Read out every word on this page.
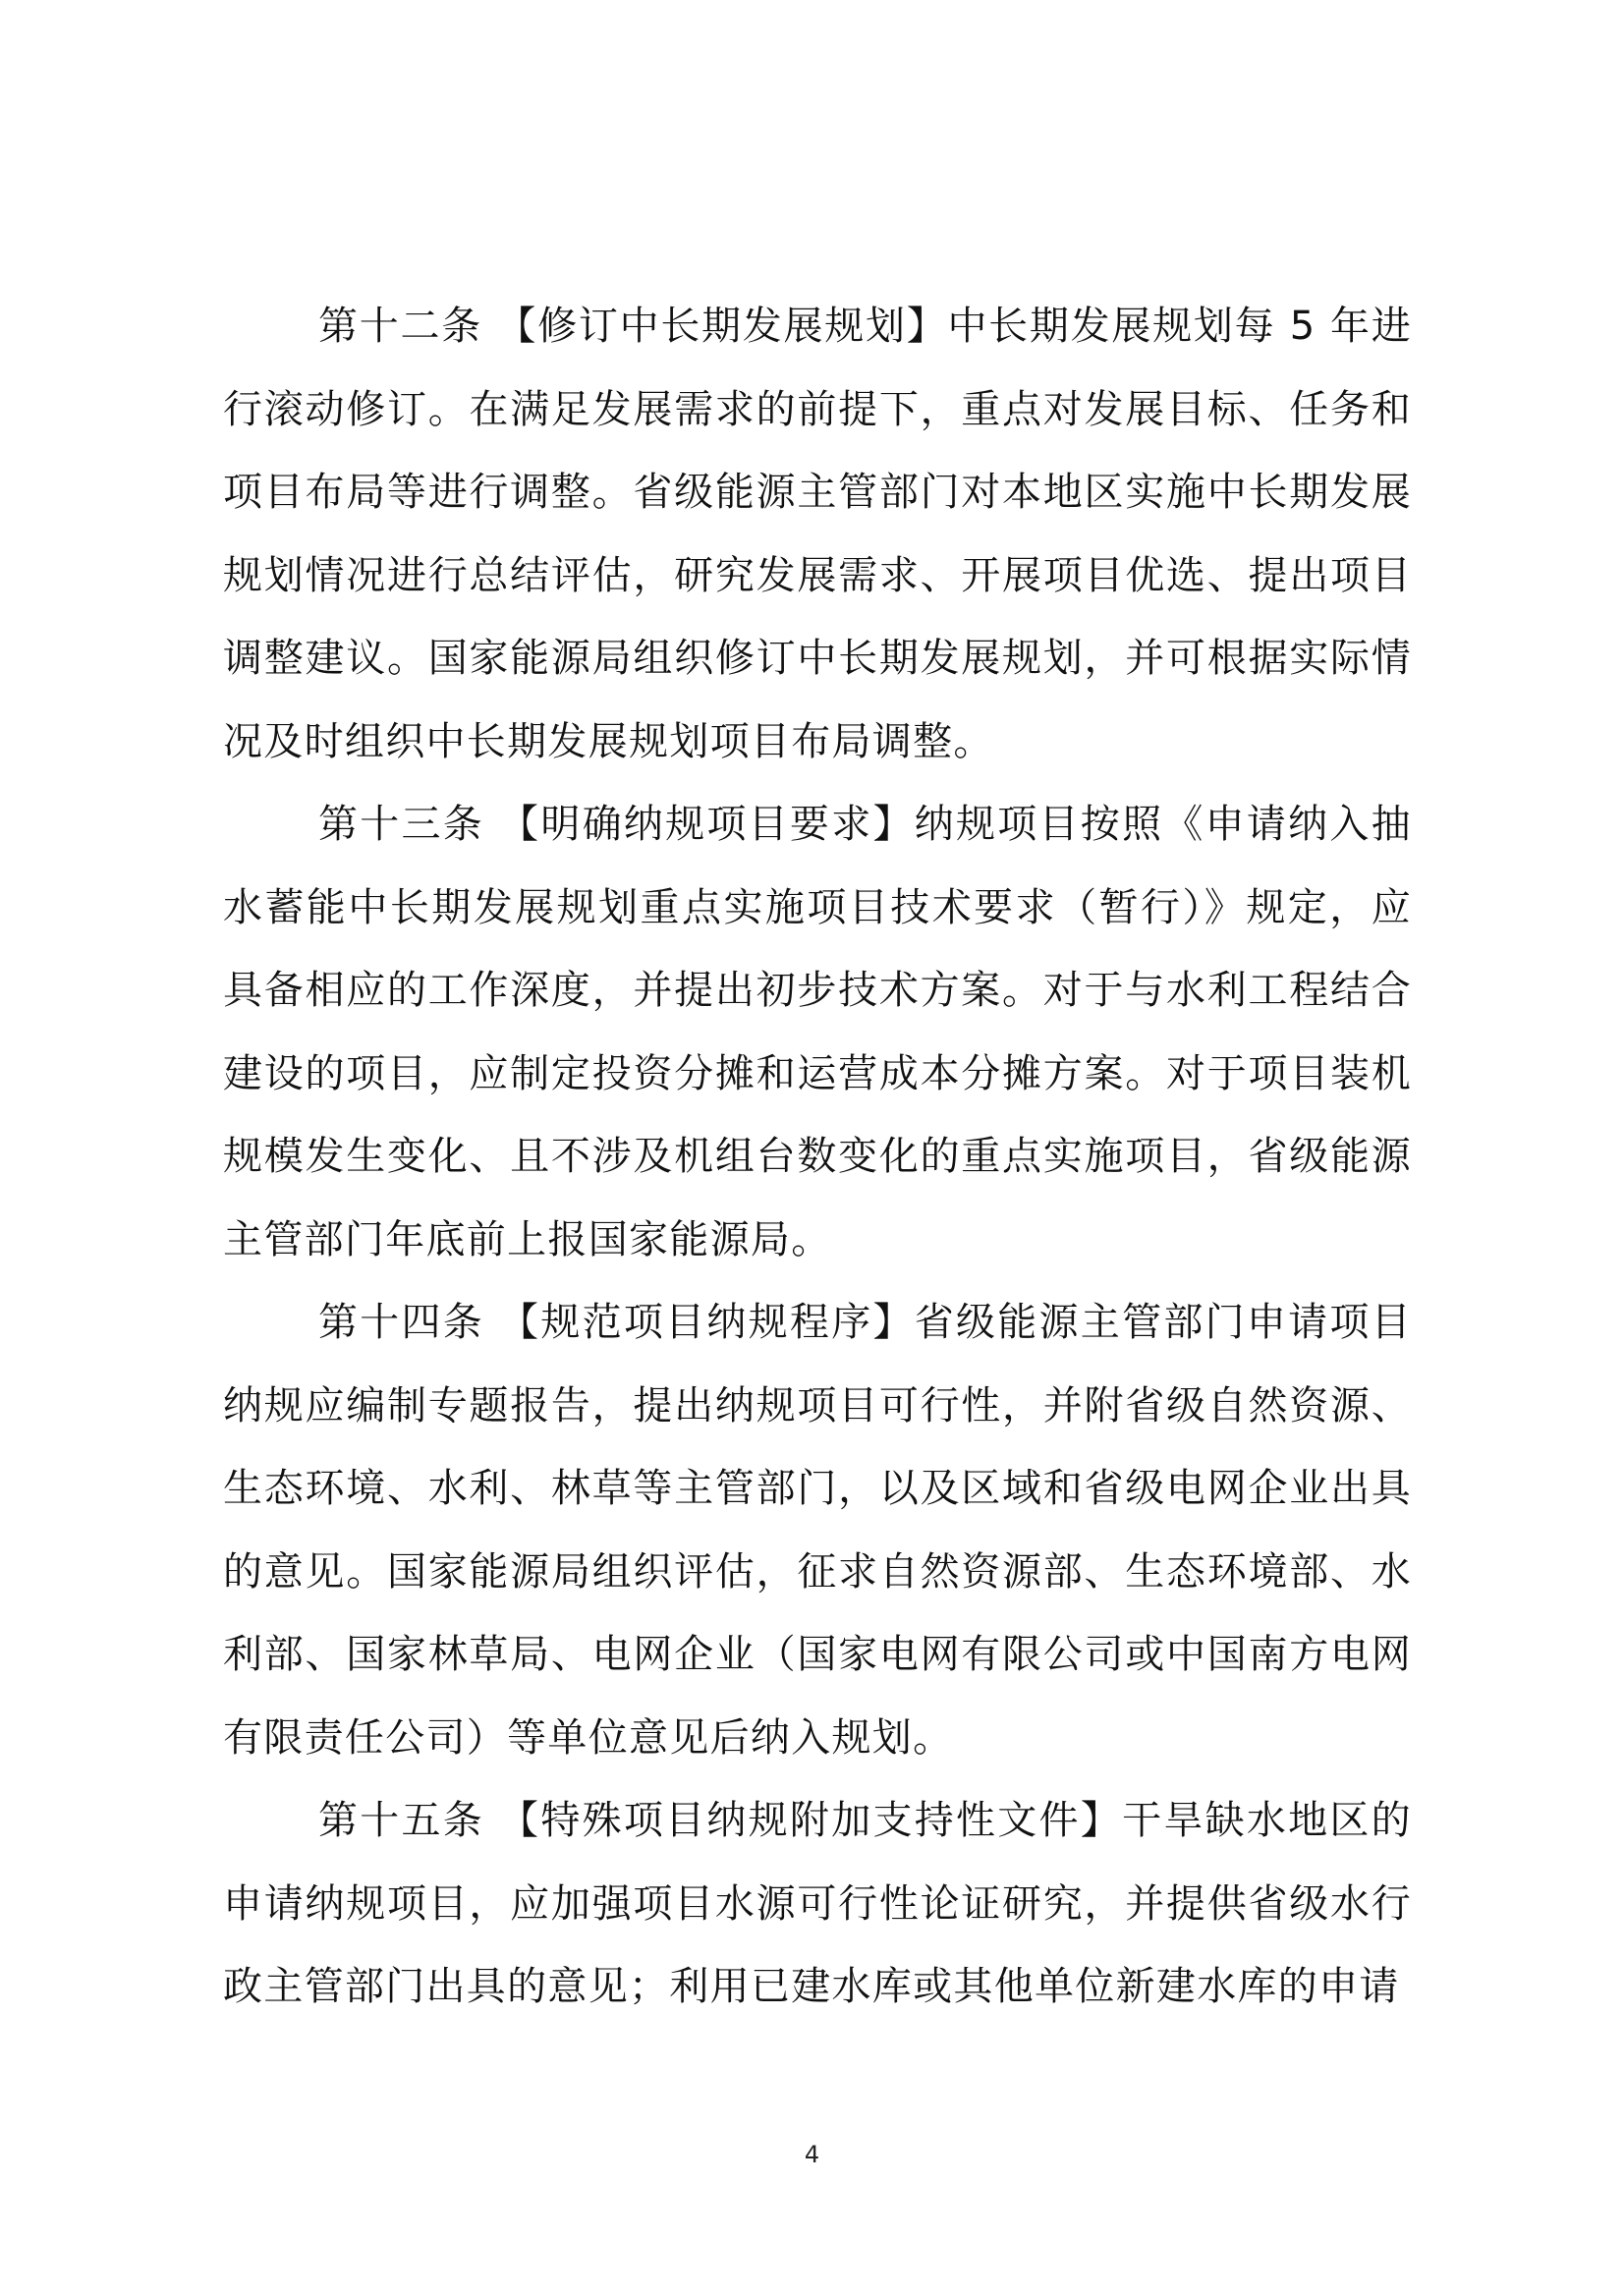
第十二条 【修订中长期发展规划】中长期发展规划每 5 年进行滚动修订。在满足发展需求的前提下，重点对发展目标、任务和项目布局等进行调整。省级能源主管部门对本地区实施中长期发展规划情况进行总结评估，研究发展需求、开展项目优选、提出项目调整建议。国家能源局组织修订中长期发展规划，并可根据实际情况及时组织中长期发展规划项目布局调整。

第十三条 【明确纳规项目要求】纳规项目按照《申请纳入抽水蓄能中长期发展规划重点实施项目技术要求（暂行）》规定，应具备相应的工作深度，并提出初步技术方案。对于与水利工程结合建设的项目，应制定投资分摊和运营成本分摊方案。对于项目装机规模发生变化、且不涉及机组台数变化的重点实施项目，省级能源主管部门年底前上报国家能源局。

第十四条 【规范项目纳规程序】省级能源主管部门申请项目纳规应编制专题报告，提出纳规项目可行性，并附省级自然资源、生态环境、水利、林草等主管部门，以及区域和省级电网企业出具的意见。国家能源局组织评估，征求自然资源部、生态环境部、水利部、国家林草局、电网企业（国家电网有限公司或中国南方电网有限责任公司）等单位意见后纳入规划。

第十五条 【特殊项目纳规附加支持性文件】干旱缺水地区的申请纳规项目，应加强项目水源可行性论证研究，并提供省级水行政主管部门出具的意见；利用已建水库或其他单位新建水库的申请

4
